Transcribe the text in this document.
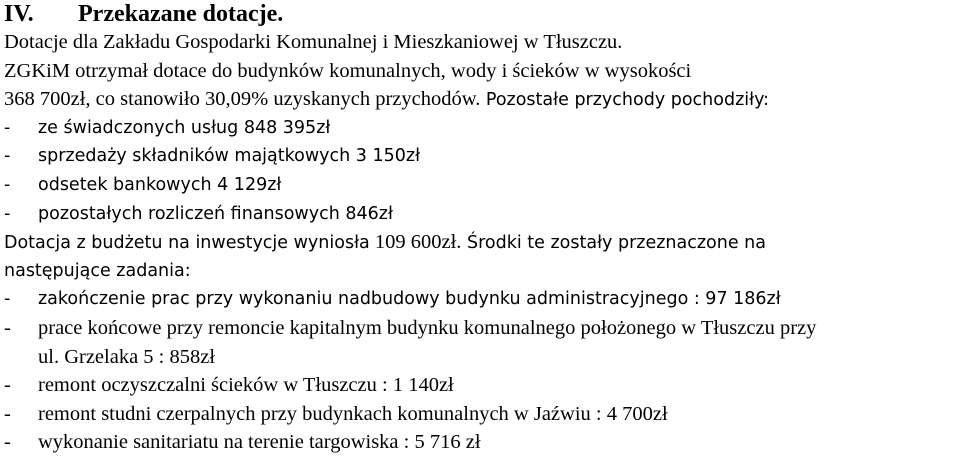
IV. Przekazane dotacje.
Dotacje dla Zakładu Gospodarki Komunalnej i Mieszkaniowej w Tłuszczu.
ZGKiM otrzymał dotace do budynków komunalnych, wody i ścieków w wysokości
368 700zł, co stanowiło 30,09% uzyskanych przychodów. Pozostałe przychody pochodziły:
-	ze świadczonych usług 848 395zł
-	sprzedaży składników majątkowych 3 150zł
-	odsetek bankowych 4 129zł
-	pozostałych rozliczeń finansowych 846zł
Dotacja z budżetu na inwestycje wyniosła 109 600zł. Środki te zostały przeznaczone na
następujące zadania:
-	zakończenie prac przy wykonaniu nadbudowy budynku administracyjnego : 97 186zł
-	prace końcowe przy remoncie kapitalnym budynku komunalnego położonego w Tłuszczu przy
ul. Grzelaka 5 : 858zł
-	remont oczyszczalni ścieków w Tłuszczu : 1 140zł
-	remont studni czerpalnych przy budynkach komunalnych w Jaźwiu : 4 700zł
-	wykonanie sanitariatu na terenie targowiska : 5 716 zł
